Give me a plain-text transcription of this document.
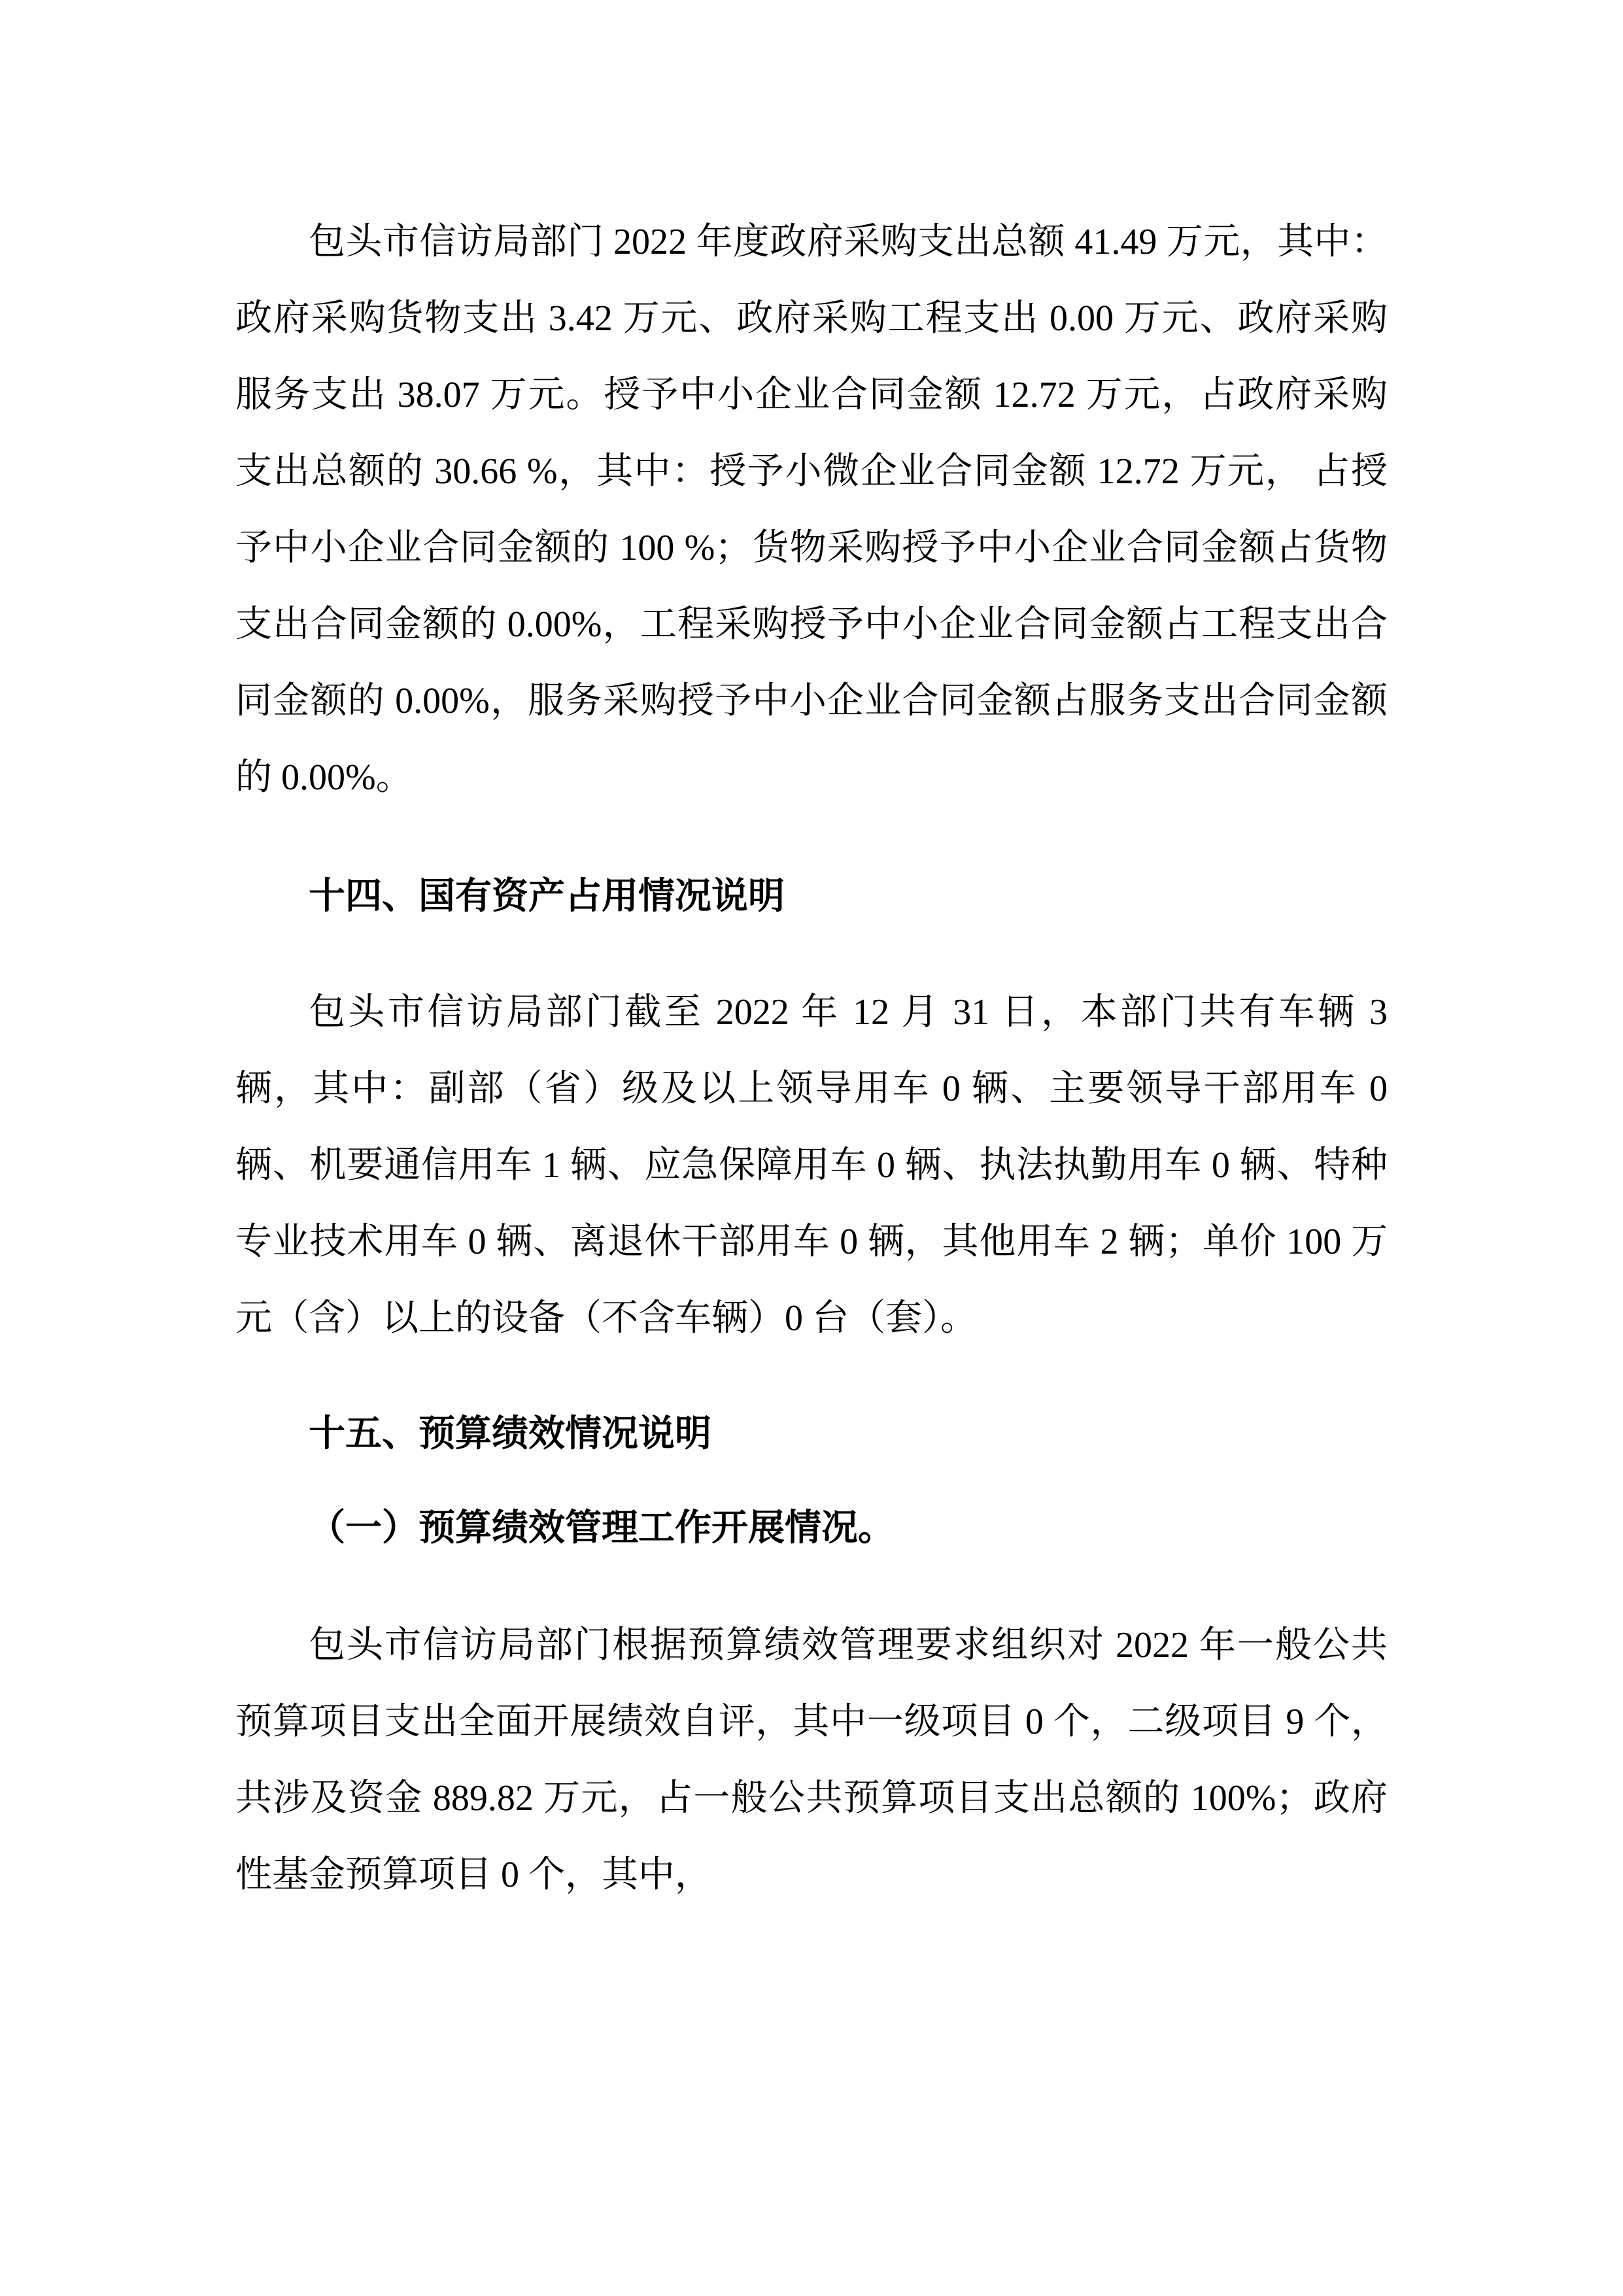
包头市信访局部门 2022 年度政府采购支出总额 41.49 万元，其中：政府采购货物支出 3.42 万元、政府采购工程支出 0.00 万元、政府采购服务支出 38.07 万元。授予中小企业合同金额 12.72 万元，占政府采购支出总额的 30.66 %，其中：授予小微企业合同金额 12.72 万元， 占授予中小企业合同金额的 100 %；货物采购授予中小企业合同金额占货物支出合同金额的 0.00%，工程采购授予中小企业合同金额占工程支出合同金额的 0.00%，服务采购授予中小企业合同金额占服务支出合同金额的 0.00%。

十四、国有资产占用情况说明

包头市信访局部门截至 2022 年 12 月 31 日，本部门共有车辆 3 辆，其中：副部（省）级及以上领导用车 0 辆、主要领导干部用车 0 辆、机要通信用车 1 辆、应急保障用车 0 辆、执法执勤用车 0 辆、特种专业技术用车 0 辆、离退休干部用车 0 辆，其他用车 2 辆；单价 100 万元（含）以上的设备（不含车辆）0 台（套）。

十五、预算绩效情况说明
（一）预算绩效管理工作开展情况。

包头市信访局部门根据预算绩效管理要求组织对 2022 年一般公共预算项目支出全面开展绩效自评，其中一级项目 0 个，二级项目 9 个，共涉及资金 889.82 万元，占一般公共预算项目支出总额的 100%；政府性基金预算项目 0 个，其中，
